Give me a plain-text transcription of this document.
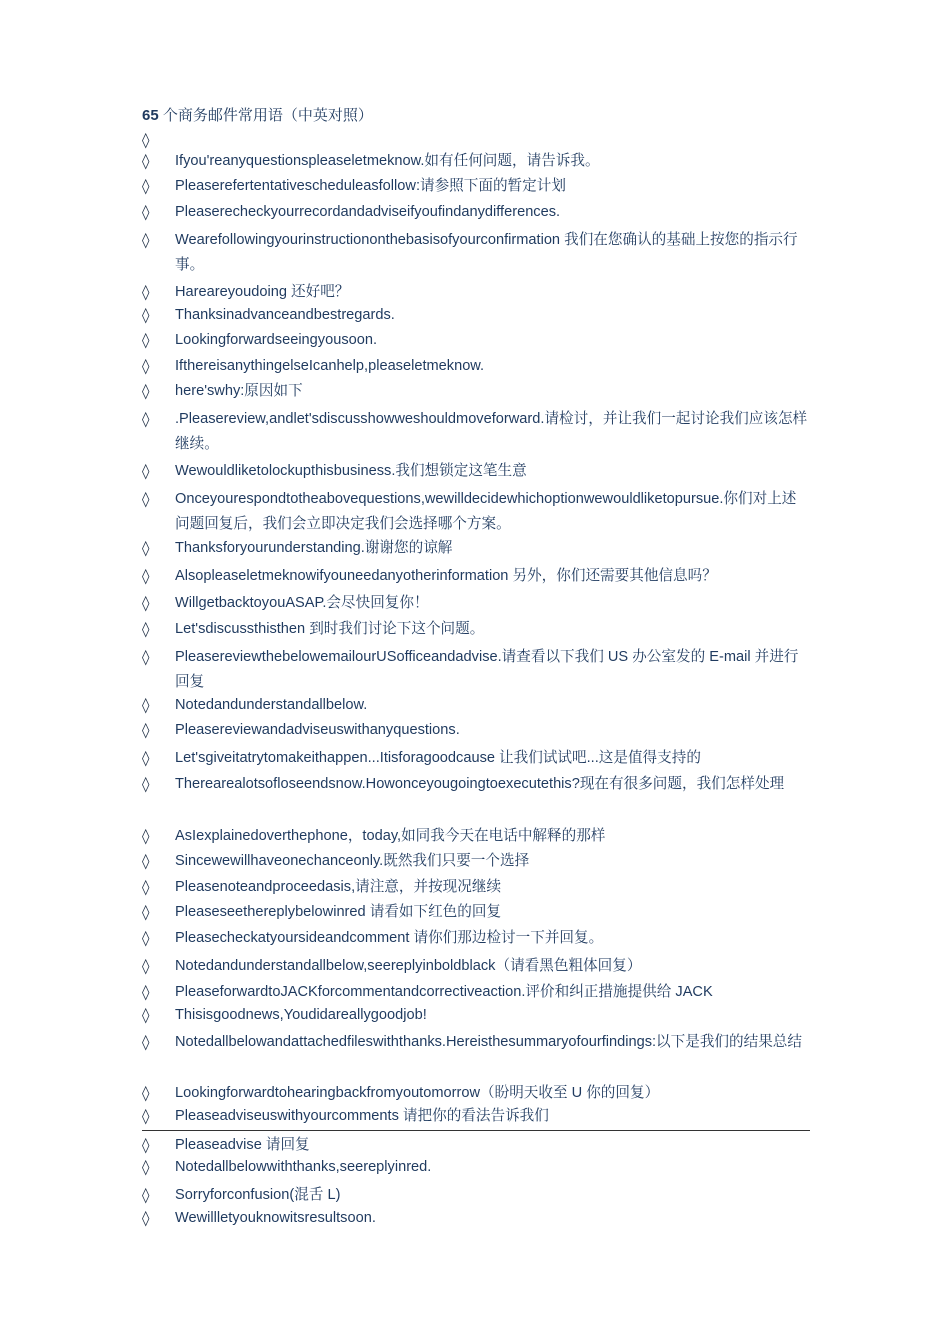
65 个商务邮件常用语（中英对照）
◊
◊	Ifyou'reanyquestionspleaseletmeknow.如有任何问题，请告诉我。
◊	Pleaserefertentativescheduleasfollow:请参照下面的暂定计划
◊	Pleaserecheckyourrecordandadviseifyoufindanydifferences.
◊	Wearefollowingyourinstructiononthebasisofyourconfirmation 我们在您确认的基础上按您的指示行事。
◊	Harearеyoudoing 还好吧？
◊	Thanksinadvanceandbestregards.
◊	Lookingforwardseeingyousoon.
◊	IfthereisanythingelseIcanhelp,pleaseletmeknow.
◊	here'swhy:原因如下
◊	.Pleasereview,andlet'sdiscusshowweshouldmoveforward.请检讨，并让我们一起讨论我们应该怎样继续。
◊	Wewouldliketolockupthisbusiness.我们想锁定这笔生意
◊	Onceyourespondtotheabovequestions,wewilldecidewhichoptionwewouldliketopursue.你们对上述问题回复后，我们会立即决定我们会选择哪个方案。
◊	Thanksforyourunderstanding.谢谢您的谅解
◊	Alsopleaseletmeknowifyouneedanyotherinformation 另外，你们还需要其他信息吗？
◊	WillgetbacktoyouASAP.会尽快回复你！
◊	Let'sdiscussthisthen 到时我们讨论下这个问题。
◊	PleasereviewthebelowemailourUSofficeandadvise.请查看以下我们 US 办公室发的 E-mail 并进行回复
◊	Notedandunderstandallbelow.
◊	Pleasereviewandadviseuswithanyquestions.
◊	Let'sgiveitatrytomakeithappen...Itisforagoodcause 让我们试试吧...这是值得支持的
◊	Therearealotsofloseendsnow.Howonceyougoingtoexecutethis?现在有很多问题，我们怎样处理
◊	AsIexplainedoverthephone，today,如同我今天在电话中解释的那样
◊	Sincewewillhaveonechanceonly.既然我们只要一个选择
◊	Pleasenoteandproceedasis,请注意，并按现况继续
◊	Pleaseseethereplybelowinred 请看如下红色的回复
◊	Pleasecheckatyoursideandcomment 请你们那边检讨一下并回复。
◊	Notedandunderstandallbelow,seereplyinboldblack（请看黑色粗体回复）
◊	PleaseforwardtoJACKforcommentandcorrectiveaction.评价和纠正措施提供给 JACK
◊	Thisisgoodnews,Youdidareallygoodjob!
◊	Notedallbelowandattachedfileswiththanks.Hereisthesummaryofourfindings:以下是我们的结果总结
◊	Lookingforwardtohearingbackfromyoutomorrow（盼明天收至 U 你的回复）
◊	Pleaseadviseuswithyourcomments 请把你的看法告诉我们
◊	Pleaseadvise 请回复
◊	Notedallbelowwiththanks,seereplyinred.
◊	Sorryforconfusion(混舌 L)
◊	Wewillletyouknowitsresultsoon.
